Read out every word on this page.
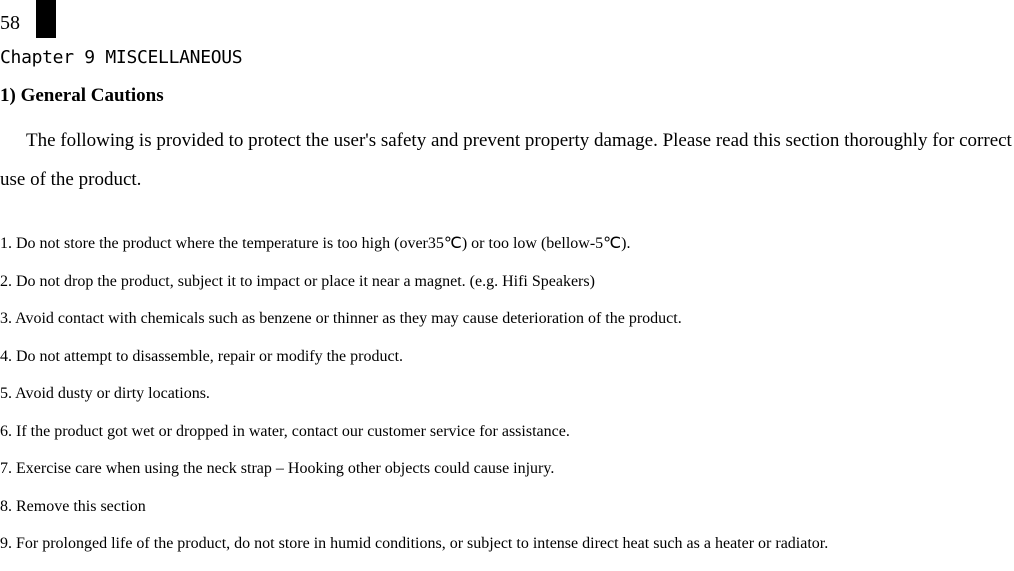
58
Chapter 9 MISCELLANEOUS
1) General Cautions
The following is provided to protect the user's safety and prevent property damage. Please read this section thoroughly for correct use of the product.
1. Do not store the product where the temperature is too high (over35℃) or too low (bellow-5℃).
2. Do not drop the product, subject it to impact or place it near a magnet. (e.g. Hifi Speakers)
3. Avoid contact with chemicals such as benzene or thinner as they may cause deterioration of the product.
4. Do not attempt to disassemble, repair or modify the product.
5. Avoid dusty or dirty locations.
6. If the product got wet or dropped in water, contact our customer service for assistance.
7. Exercise care when using the neck strap – Hooking other objects could cause injury.
8. Remove this section
9. For prolonged life of the product, do not store in humid conditions, or subject to intense direct heat such as a heater or radiator.
